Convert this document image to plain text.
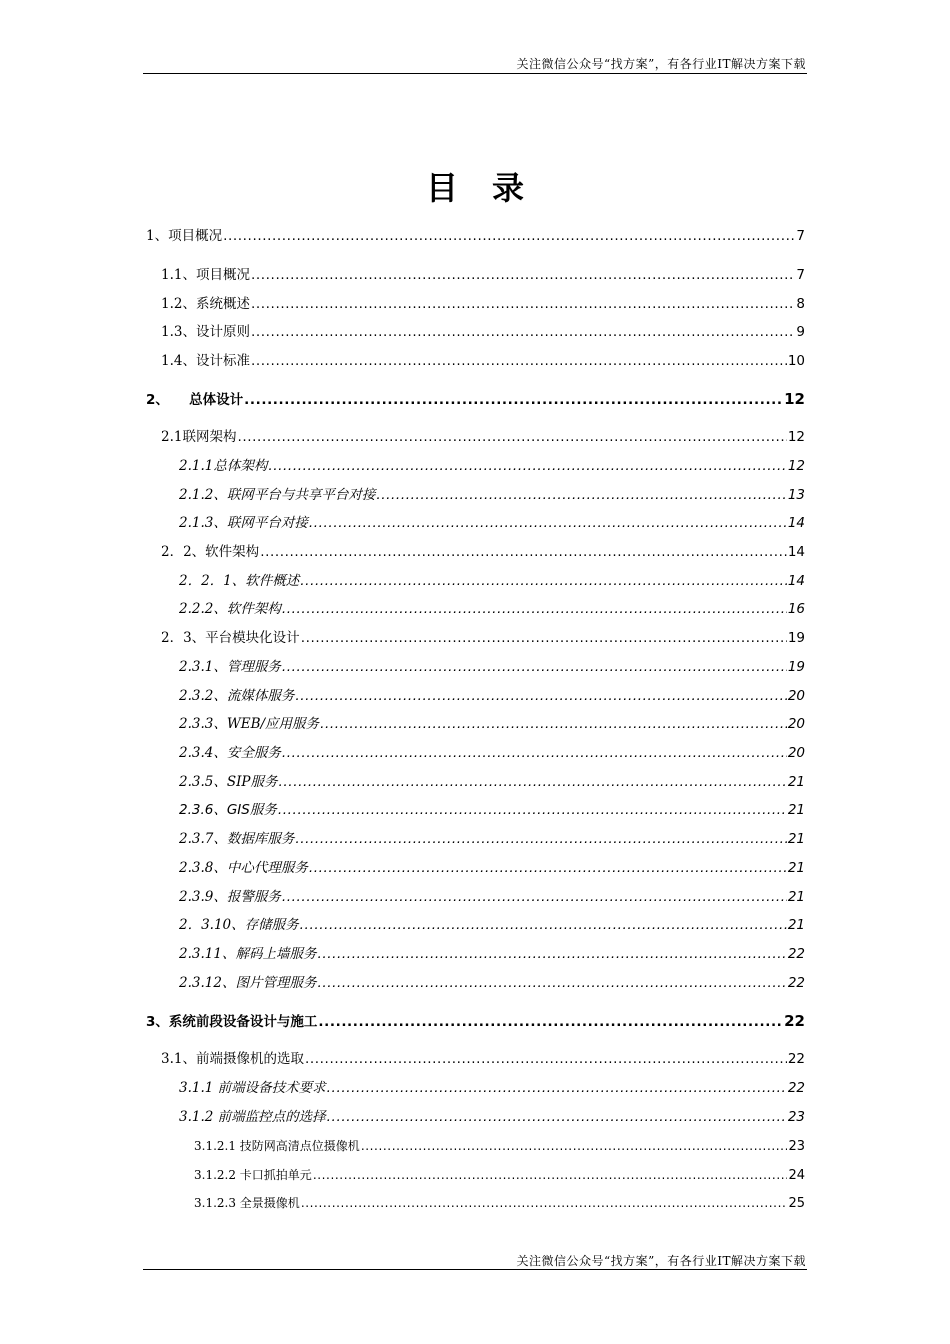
关注微信公众号“找方案”，有各行业IT解决方案下载
目录
1、项目概况 .....	7
1.1、项目概况 .....	7
1.2、系统概述 .....	8
1.3、设计原则 .....	9
1.4、设计标准 .....	10
2、　　总体设计 .....	12
2.1联网架构 .....	12
2.1.1总体架构 .....	12
2.1.2、联网平台与共享平台对接 .....	13
2.1.3、联网平台对接 .....	14
2．2、软件架构 .....	14
2．2．1、软件概述 .....	14
2.2.2、软件架构 .....	16
2．3、平台模块化设计 .....	19
2.3.1、管理服务 .....	19
2.3.2、流媒体服务 .....	20
2.3.3、WEB/应用服务 .....	20
2.3.4、安全服务 .....	20
2.3.5、SIP服务 .....	21
2.3.6、GIS服务 .....	21
2.3.7、数据库服务 .....	21
2.3.8、中心代理服务 .....	21
2.3.9、报警服务 .....	21
2．3.10、存储服务 .....	21
2.3.11、解码上墙服务 .....	22
2.3.12、图片管理服务 .....	22
3、系统前段设备设计与施工 .....	22
3.1、前端摄像机的选取 .....	22
3.1.1 前端设备技术要求 .....	22
3.1.2 前端监控点的选择 .....	23
3.1.2.1 技防网高清点位摄像机 .....	23
3.1.2.2 卡口抓拍单元 .....	24
3.1.2.3 全景摄像机 .....	25
关注微信公众号“找方案”，有各行业IT解决方案下载
